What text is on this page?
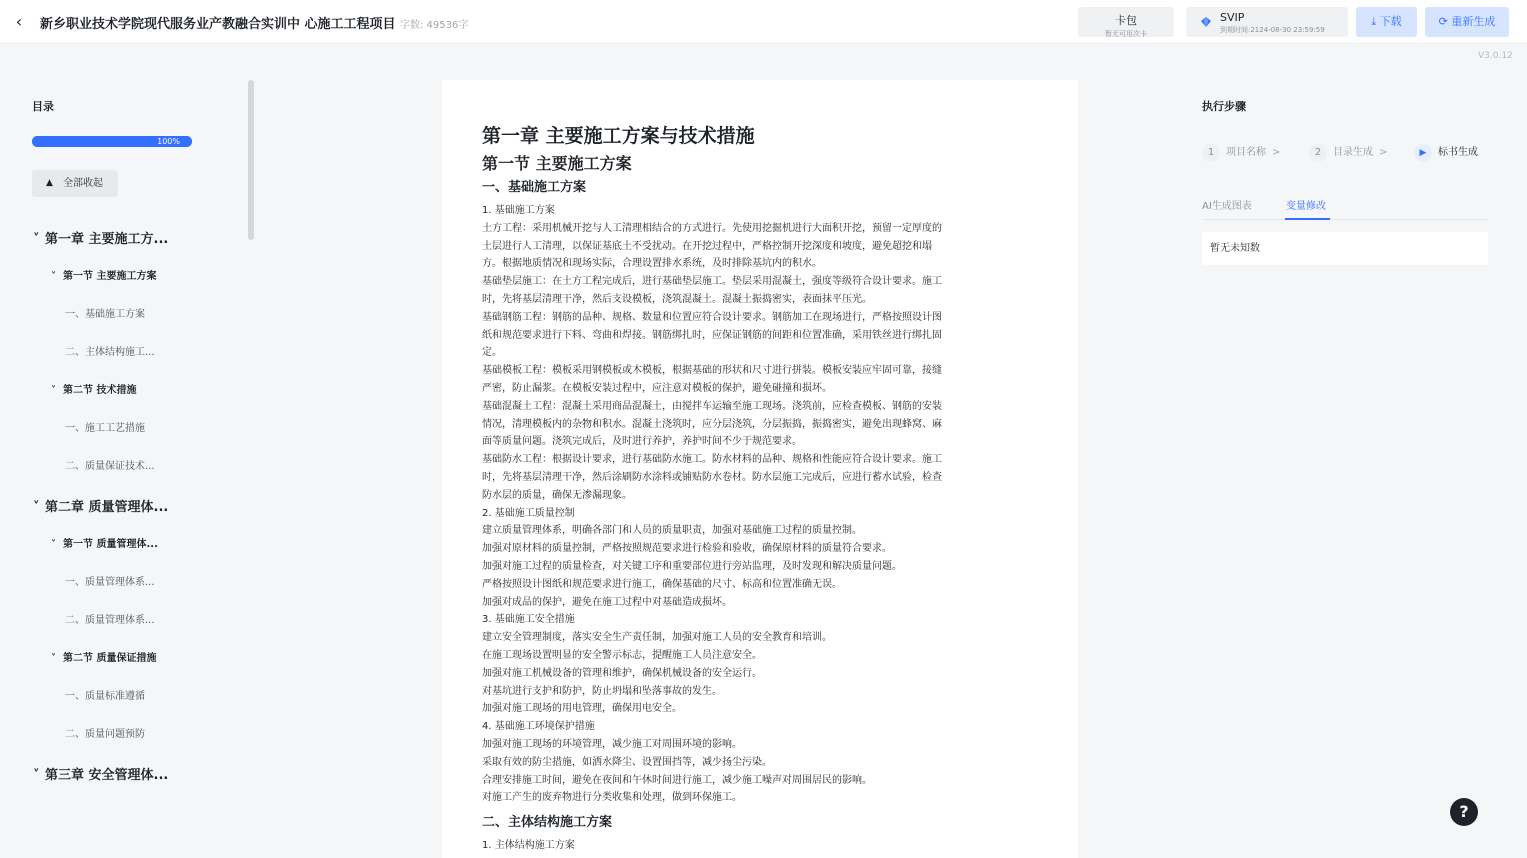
‹	新乡职业技术学院现代服务业产教融合实训中 心施工工程项目 字数: 49536字	卡包
暂无可用次卡
SVIP
到期时间:2124-08-30 23:59:59
⤓ 下载	⟳ 重新生成
V3.0.12
目录
100%
▲︎ 全部收起
˅ 第一章 主要施工方...
˅ 第一节 主要施工方案
一、基础施工方案
二、主体结构施工...
˅ 第二节 技术措施
一、施工工艺措施
二、质量保证技术...
˅ 第二章 质量管理体...
˅ 第一节 质量管理体...
一、质量管理体系...
二、质量管理体系...
˅ 第二节 质量保证措施
一、质量标准遵循
二、质量问题预防
˅ 第三章 安全管理体...
第一章 主要施工方案与技术措施
第一节 主要施工方案
一、基础施工方案
1. 基础施工方案
土方工程：采用机械开挖与人工清理相结合的方式进行。先使用挖掘机进行大面积开挖，预留一定厚度的
土层进行人工清理，以保证基底土不受扰动。在开挖过程中，严格控制开挖深度和坡度，避免超挖和塌
方。根据地质情况和现场实际，合理设置排水系统，及时排除基坑内的积水。
基础垫层施工：在土方工程完成后，进行基础垫层施工。垫层采用混凝土，强度等级符合设计要求。施工
时，先将基层清理干净，然后支设模板，浇筑混凝土。混凝土振捣密实，表面抹平压光。
基础钢筋工程：钢筋的品种、规格、数量和位置应符合设计要求。钢筋加工在现场进行，严格按照设计图
纸和规范要求进行下料、弯曲和焊接。钢筋绑扎时，应保证钢筋的间距和位置准确，采用铁丝进行绑扎固
定。
基础模板工程：模板采用钢模板或木模板，根据基础的形状和尺寸进行拼装。模板安装应牢固可靠，接缝
严密，防止漏浆。在模板安装过程中，应注意对模板的保护，避免碰撞和损坏。
基础混凝土工程：混凝土采用商品混凝土，由搅拌车运输至施工现场。浇筑前，应检查模板、钢筋的安装
情况，清理模板内的杂物和积水。混凝土浇筑时，应分层浇筑，分层振捣，振捣密实，避免出现蜂窝、麻
面等质量问题。浇筑完成后，及时进行养护，养护时间不少于规范要求。
基础防水工程：根据设计要求，进行基础防水施工。防水材料的品种、规格和性能应符合设计要求。施工
时，先将基层清理干净，然后涂刷防水涂料或铺贴防水卷材。防水层施工完成后，应进行蓄水试验，检查
防水层的质量，确保无渗漏现象。
2. 基础施工质量控制
建立质量管理体系，明确各部门和人员的质量职责，加强对基础施工过程的质量控制。
加强对原材料的质量控制，严格按照规范要求进行检验和验收，确保原材料的质量符合要求。
加强对施工过程的质量检查，对关键工序和重要部位进行旁站监理，及时发现和解决质量问题。
严格按照设计图纸和规范要求进行施工，确保基础的尺寸、标高和位置准确无误。
加强对成品的保护，避免在施工过程中对基础造成损坏。
3. 基础施工安全措施
建立安全管理制度，落实安全生产责任制，加强对施工人员的安全教育和培训。
在施工现场设置明显的安全警示标志，提醒施工人员注意安全。
加强对施工机械设备的管理和维护，确保机械设备的安全运行。
对基坑进行支护和防护，防止坍塌和坠落事故的发生。
加强对施工现场的用电管理，确保用电安全。
4. 基础施工环境保护措施
加强对施工现场的环境管理，减少施工对周围环境的影响。
采取有效的防尘措施，如洒水降尘、设置围挡等，减少扬尘污染。
合理安排施工时间，避免在夜间和午休时间进行施工，减少施工噪声对周围居民的影响。
对施工产生的废弃物进行分类收集和处理，做到环保施工。
二、主体结构施工方案
1. 主体结构施工方案
执行步骤
1 项目名称 >	2 目录生成 >	▶ 标书生成
AI生成图表	变量修改
暂无未知数
?
